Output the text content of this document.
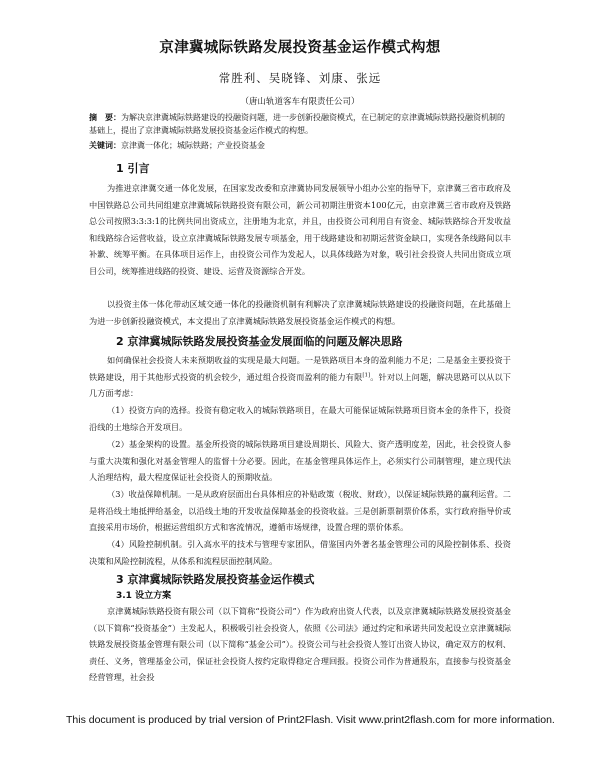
京津冀城际铁路发展投资基金运作模式构想
常胜利、吴晓锋、刘康、张远
（唐山轨道客车有限责任公司）
摘　要：为解决京津冀城际铁路建设的投融资问题，进一步创新投融资模式，在已制定的京津冀城际铁路投融资机制的基础上，提出了京津冀城际铁路发展投资基金运作模式的构想。
关键词：京津冀一体化；城际铁路；产业投资基金
1 引言

为推进京津冀交通一体化发展，在国家发改委和京津冀协同发展领导小组办公室的指导下，京津冀三省市政府及中国铁路总公司共同组建京津冀城际铁路投资有限公司，新公司初期注册资本100亿元，由京津冀三省市政府及铁路总公司按照3:3:3:1的比例共同出资成立，注册地为北京，并且，由投资公司利用自有资金、城际铁路综合开发收益和线路综合运营收益，设立京津冀城际铁路发展专项基金，用于线路建设和初期运营资金缺口，实现各条线路间以丰补歉、统筹平衡。在具体项目运作上，由投资公司作为发起人，以具体线路为对象，吸引社会投资人共同出资成立项目公司，统筹推进线路的投资、建设、运营及资源综合开发。

以投资主体一体化带动区域交通一体化的投融资机制有利解决了京津冀城际铁路建设的投融资问题，在此基础上为进一步创新投融资模式，本文提出了京津冀城际铁路发展投资基金运作模式的构想。

2 京津冀城际铁路发展投资基金发展面临的问题及解决思路

如何确保社会投资人未来预期收益的实现是最大问题。一是铁路项目本身的盈利能力不足；二是基金主要投资于铁路建设，用于其他形式投资的机会较少，通过组合投资而盈利的能力有限[1]。针对以上问题，解决思路可以从以下几方面考虑：

（1）投资方向的选择。投资有稳定收入的城际铁路项目，在最大可能保证城际铁路项目资本金的条件下，投资沿线的土地综合开发项目。

（2）基金架构的设置。基金所投资的城际铁路项目建设周期长、风险大、资产透明度差，因此，社会投资人参与重大决策和强化对基金管理人的监督十分必要。因此，在基金管理具体运作上，必须实行公司制管理，建立现代法人治理结构，最大程度保证社会投资人的预期收益。

（3）收益保障机制。一是从政府层面出台具体相应的补贴政策（税收、财政），以保证城际铁路的赢利运营。二是将沿线土地抵押给基金，以沿线土地的开发收益保障基金的投资收益。三是创新票制票价体系，实行政府指导价或直接采用市场价，根据运营组织方式和客流情况，遵循市场规律，设置合理的票价体系。

（4）风险控制机制。引入高水平的技术与管理专家团队，借鉴国内外著名基金管理公司的风险控制体系、投资决策和风险控制流程，从体系和流程层面控制风险。

3 京津冀城际铁路发展投资基金运作模式
3.1 设立方案

京津冀城际铁路投资有限公司（以下简称“投资公司”）作为政府出资人代表，以及京津冀城际铁路发展投资基金（以下简称“投资基金”）主发起人，积极吸引社会投资人，依照《公司法》通过约定和承诺共同发起设立京津冀城际铁路发展投资基金管理有限公司（以下简称“基金公司”）。投资公司与社会投资人签订出资人协议，确定双方的权利、责任、义务，管理基金公司，保证社会投资人按约定取得稳定合理回报。投资公司作为普通股东，直接参与投资基金经营管理，社会投

This document is produced by trial version of Print2Flash. Visit www.print2flash.com for more information.
